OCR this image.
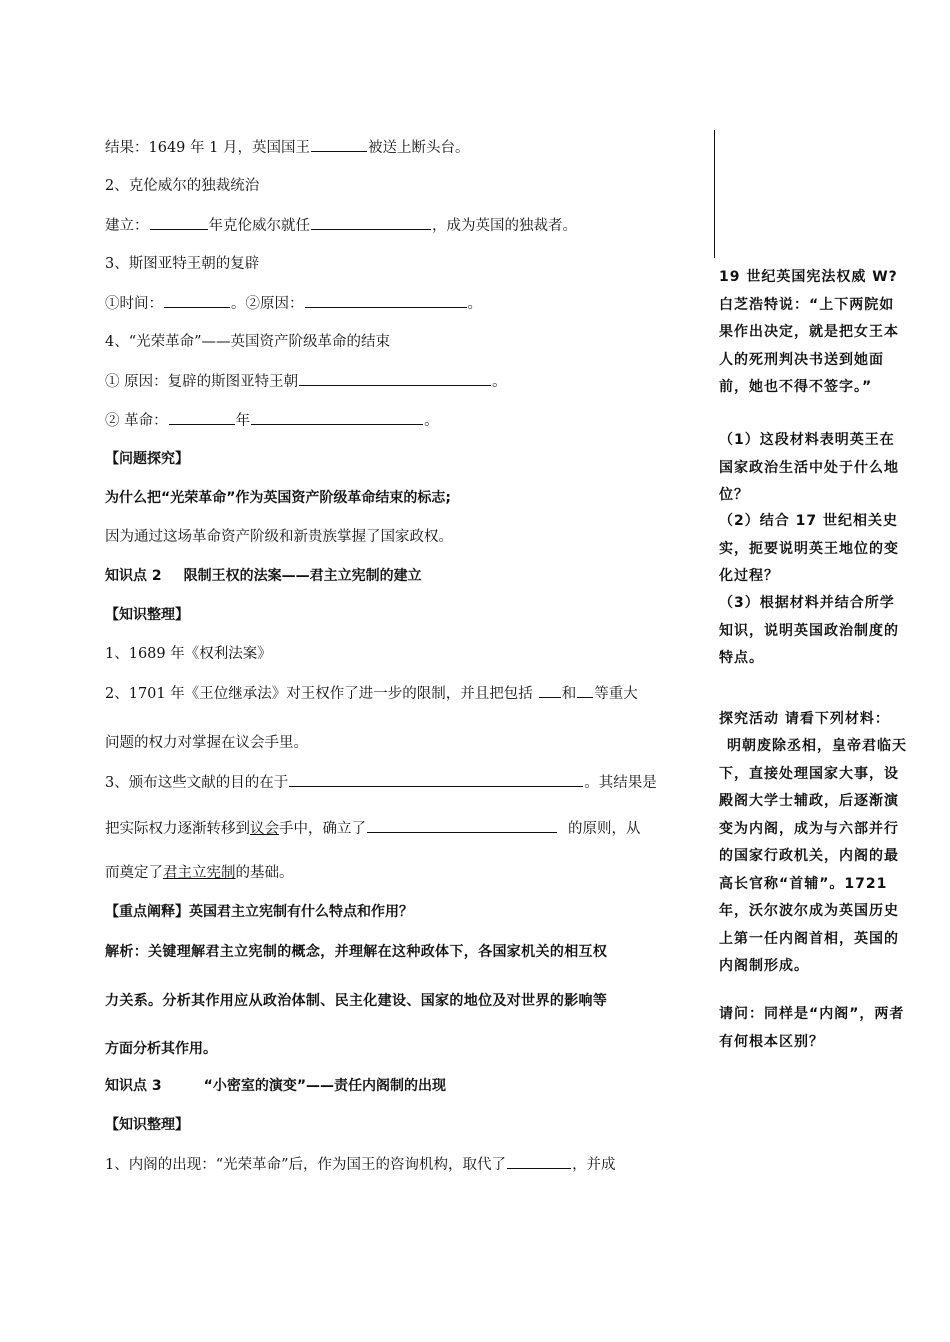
结果：1649 年 1 月，英国国王	被送上断头台。
2、克伦威尔的独裁统治
建立：	年克伦威尔就任	，成为英国的独裁者。
3、斯图亚特王朝的复辟
①时间：	。②原因：	。
4、“光荣革命”——英国资产阶级革命的结束
① 原因：复辟的斯图亚特王朝	。
② 革命：	年	。
【问题探究】
为什么把“光荣革命”作为英国资产阶级革命结束的标志;
因为通过这场革命资产阶级和新贵族掌握了国家政权。
知识点 2 限制王权的法案——君主立宪制的建立
【知识整理】
1、1689 年《权利法案》
2、1701 年《王位继承法》对王权作了进一步的限制，并且把包括 和 等重大
问题的权力对掌握在议会手里。
3、颁布这些文献的目的在于	。其结果是
把实际权力逐渐转移到议会手中，确立了	的原则，从
而奠定了君主立宪制的基础。
【重点阐释】英国君主立宪制有什么特点和作用？
解析：关键理解君主立宪制的概念，并理解在这种政体下，各国家机关的相互权
力关系。分析其作用应从政治体制、民主化建设、国家的地位及对世界的影响等
方面分析其作用。
知识点 3	“小密室的演变”——责任内阁制的出现
【知识整理】
1、内阁的出现：“光荣革命”后，作为国王的咨询机构，取代了	，并成
19 世纪英国宪法权威 W?白芝浩特说：“上下两院如果作出决定，就是把女王本人的死刑判决书送到她面前，她也不得不签字。”
（1）这段材料表明英王在国家政治生活中处于什么地位？
（2）结合 17 世纪相关史实，扼要说明英王地位的变化过程？
（3）根据材料并结合所学知识，说明英国政治制度的特点。
探究活动 请看下列材料：
明朝废除丞相，皇帝君临天下，直接处理国家大事，设殿阁大学士辅政，后逐渐演变为内阁，成为与六部并行的国家行政机关，内阁的最高长官称“首辅”。1721 年，沃尔波尔成为英国历史上第一任内阁首相，英国的内阁制形成。
请问：同样是“内阁”，两者有何根本区别？
